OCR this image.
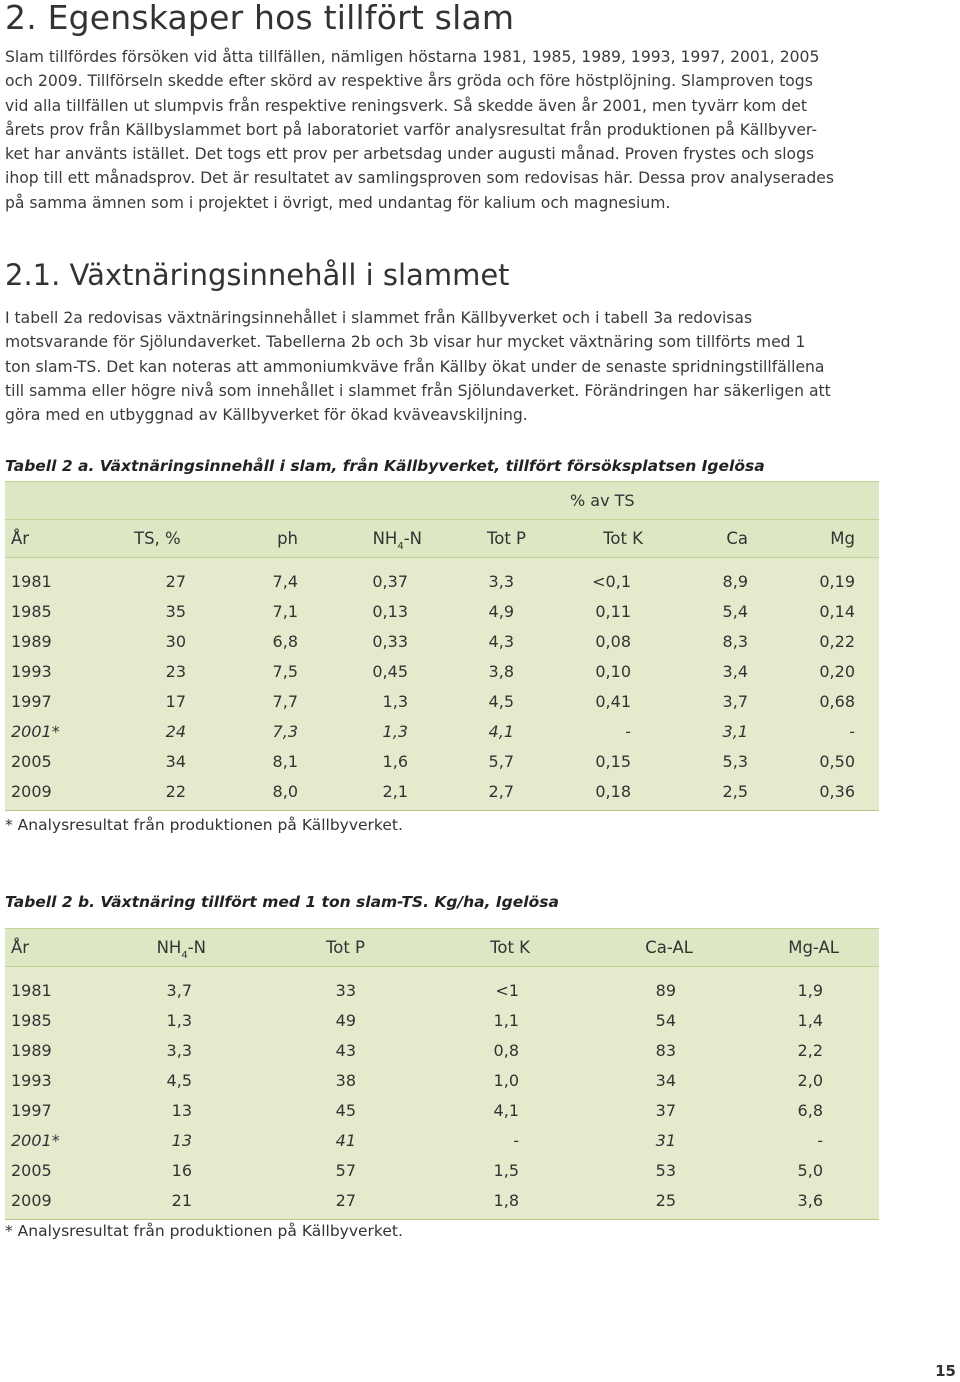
2. Egenskaper hos tillfört slam

Slam tillfördes försöken vid åtta tillfällen, nämligen höstarna 1981, 1985, 1989, 1993, 1997, 2001, 2005
och 2009. Tillförseln skedde efter skörd av respektive års gröda och före höstplöjning. Slamproven togs
vid alla tillfällen ut slumpvis från respektive reningsverk. Så skedde även år 2001, men tyvärr kom det
årets prov från Källbyslammet bort på laboratoriet varför analysresultat från produktionen på Källbyver-
ket har använts istället. Det togs ett prov per arbetsdag under augusti månad. Proven frystes och slogs
ihop till ett månadsprov. Det är resultatet av samlingsproven som redovisas här. Dessa prov analyserades
på samma ämnen som i projektet i övrigt, med undantag för kalium och magnesium.

2.1. Växtnäringsinnehåll i slammet

I tabell 2a redovisas växtnäringsinnehållet i slammet från Källbyverket och i tabell 3a redovisas
motsvarande för Sjölundaverket. Tabellerna 2b och 3b visar hur mycket växtnäring som tillförts med 1
ton slam-TS. Det kan noteras att ammoniumkväve från Källby ökat under de senaste spridningstillfällena
till samma eller högre nivå som innehållet i slammet från Sjölundaverket. Förändringen har säkerligen att
göra med en utbyggnad av Källbyverket för ökad kväveavskiljning.

Tabell 2 a. Växtnäringsinnehåll i slam, från Källbyverket, tillfört försöksplatsen Igelösa

% av TS
År	TS, %	ph	$NH_4-N$	Tot P	Tot K	Ca	Mg
1981	27	7,4	0,37	3,3	<0,1	8,9	0,19
1985	35	7,1	0,13	4,9	0,11	5,4	0,14
1989	30	6,8	0,33	4,3	0,08	8,3	0,22
1993	23	7,5	0,45	3,8	0,10	3,4	0,20
1997	17	7,7	1,3	4,5	0,41	3,7	0,68
2001*	24	7,3	1,3	4,1	-	3,1	-
2005	34	8,1	1,6	5,7	0,15	5,3	0,50
2009	22	8,0	2,1	2,7	0,18	2,5	0,36

* Analysresultat från produktionen på Källbyverket.

Tabell 2 b. Växtnäring tillfört med 1 ton slam-TS. Kg/ha, Igelösa

År	$NH_4-N$	Tot P	Tot K	Ca-AL	Mg-AL
1981	3,7	33	<1	89	1,9
1985	1,3	49	1,1	54	1,4
1989	3,3	43	0,8	83	2,2
1993	4,5	38	1,0	34	2,0
1997	13	45	4,1	37	6,8
2001*	13	41	-	31	-
2005	16	57	1,5	53	5,0
2009	21	27	1,8	25	3,6

* Analysresultat från produktionen på Källbyverket.

15
